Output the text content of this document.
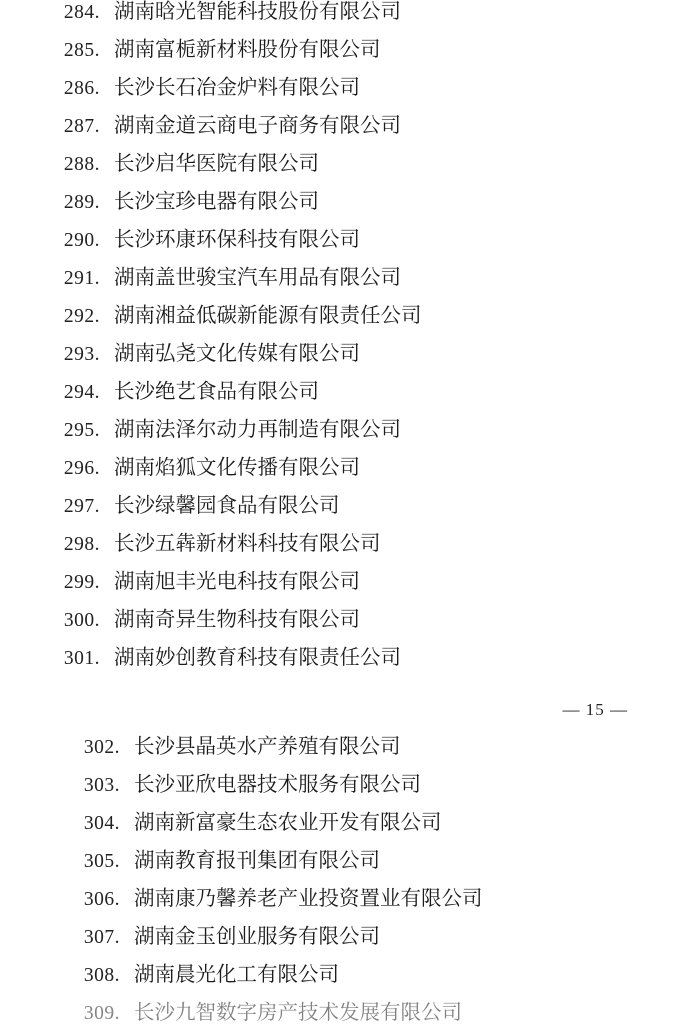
284. 湖南晗光智能科技股份有限公司
285. 湖南富栀新材料股份有限公司
286. 长沙长石冶金炉料有限公司
287. 湖南金道云商电子商务有限公司
288. 长沙启华医院有限公司
289. 长沙宝珍电器有限公司
290. 长沙环康环保科技有限公司
291. 湖南盖世骏宝汽车用品有限公司
292. 湖南湘益低碳新能源有限责任公司
293. 湖南弘尧文化传媒有限公司
294. 长沙绝艺食品有限公司
295. 湖南法泽尔动力再制造有限公司
296. 湖南焰狐文化传播有限公司
297. 长沙绿馨园食品有限公司
298. 长沙五犇新材料科技有限公司
299. 湖南旭丰光电科技有限公司
300. 湖南奇异生物科技有限公司
301. 湖南妙创教育科技有限责任公司
— 15 —
302. 长沙县晶英水产养殖有限公司
303. 长沙亚欣电器技术服务有限公司
304. 湖南新富豪生态农业开发有限公司
305. 湖南教育报刊集团有限公司
306. 湖南康乃馨养老产业投资置业有限公司
307. 湖南金玉创业服务有限公司
308. 湖南晨光化工有限公司
309. 长沙九智数字房产技术发展有限公司
